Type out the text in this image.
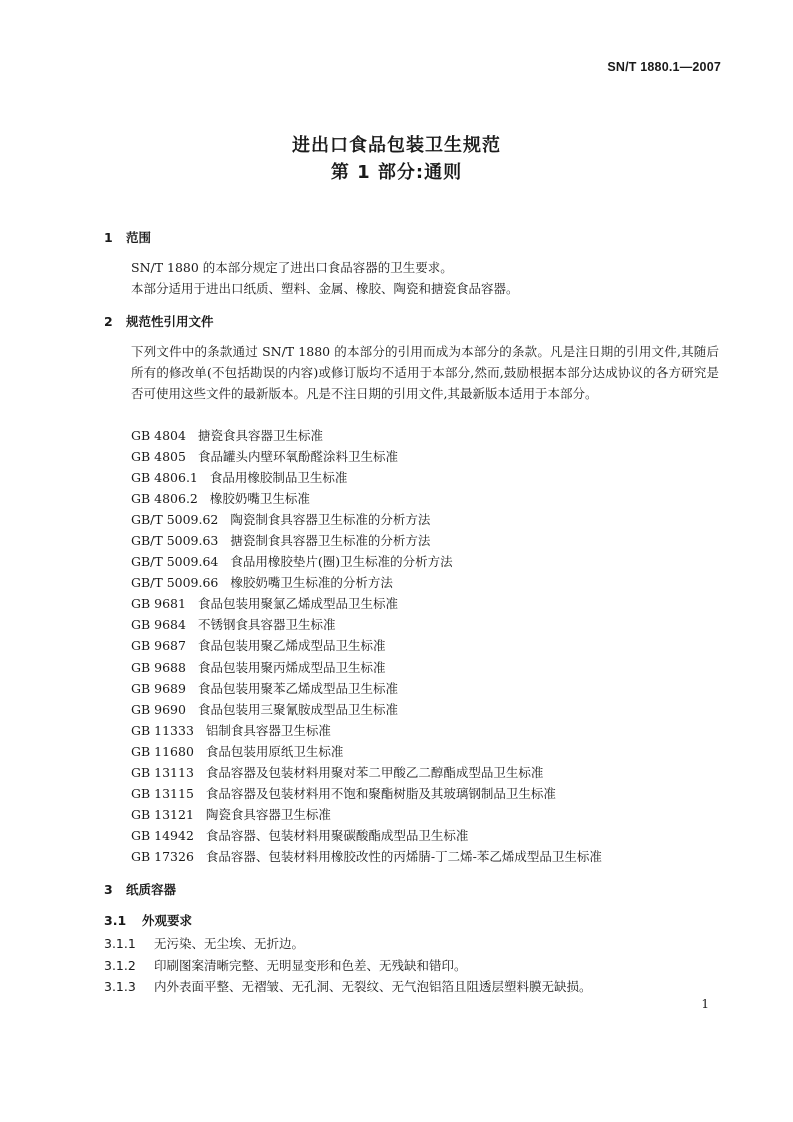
SN/T 1880.1—2007
进出口食品包装卫生规范
第 1 部分:通则
1 范围
SN/T 1880 的本部分规定了进出口食品容器的卫生要求。
本部分适用于进出口纸质、塑料、金属、橡胶、陶瓷和搪瓷食品容器。
2 规范性引用文件
下列文件中的条款通过 SN/T 1880 的本部分的引用而成为本部分的条款。凡是注日期的引用文件,其随后所有的修改单(不包括勘误的内容)或修订版均不适用于本部分,然而,鼓励根据本部分达成协议的各方研究是否可使用这些文件的最新版本。凡是不注日期的引用文件,其最新版本适用于本部分。
GB 4804 搪瓷食具容器卫生标准
GB 4805 食品罐头内壁环氧酚醛涂料卫生标准
GB 4806.1 食品用橡胶制品卫生标准
GB 4806.2 橡胶奶嘴卫生标准
GB/T 5009.62 陶瓷制食具容器卫生标准的分析方法
GB/T 5009.63 搪瓷制食具容器卫生标准的分析方法
GB/T 5009.64 食品用橡胶垫片(圈)卫生标准的分析方法
GB/T 5009.66 橡胶奶嘴卫生标准的分析方法
GB 9681 食品包装用聚氯乙烯成型品卫生标准
GB 9684 不锈钢食具容器卫生标准
GB 9687 食品包装用聚乙烯成型品卫生标准
GB 9688 食品包装用聚丙烯成型品卫生标准
GB 9689 食品包装用聚苯乙烯成型品卫生标准
GB 9690 食品包装用三聚氰胺成型品卫生标准
GB 11333 铝制食具容器卫生标准
GB 11680 食品包装用原纸卫生标准
GB 13113 食品容器及包装材料用聚对苯二甲酸乙二醇酯成型品卫生标准
GB 13115 食品容器及包装材料用不饱和聚酯树脂及其玻璃钢制品卫生标准
GB 13121 陶瓷食具容器卫生标准
GB 14942 食品容器、包装材料用聚碳酸酯成型品卫生标准
GB 17326 食品容器、包装材料用橡胶改性的丙烯腈-丁二烯-苯乙烯成型品卫生标准
3 纸质容器
3.1 外观要求
3.1.1 无污染、无尘埃、无折边。
3.1.2 印刷图案清晰完整、无明显变形和色差、无残缺和错印。
3.1.3 内外表面平整、无褶皱、无孔洞、无裂纹、无气泡铝箔且阻透层塑料膜无缺损。
1
